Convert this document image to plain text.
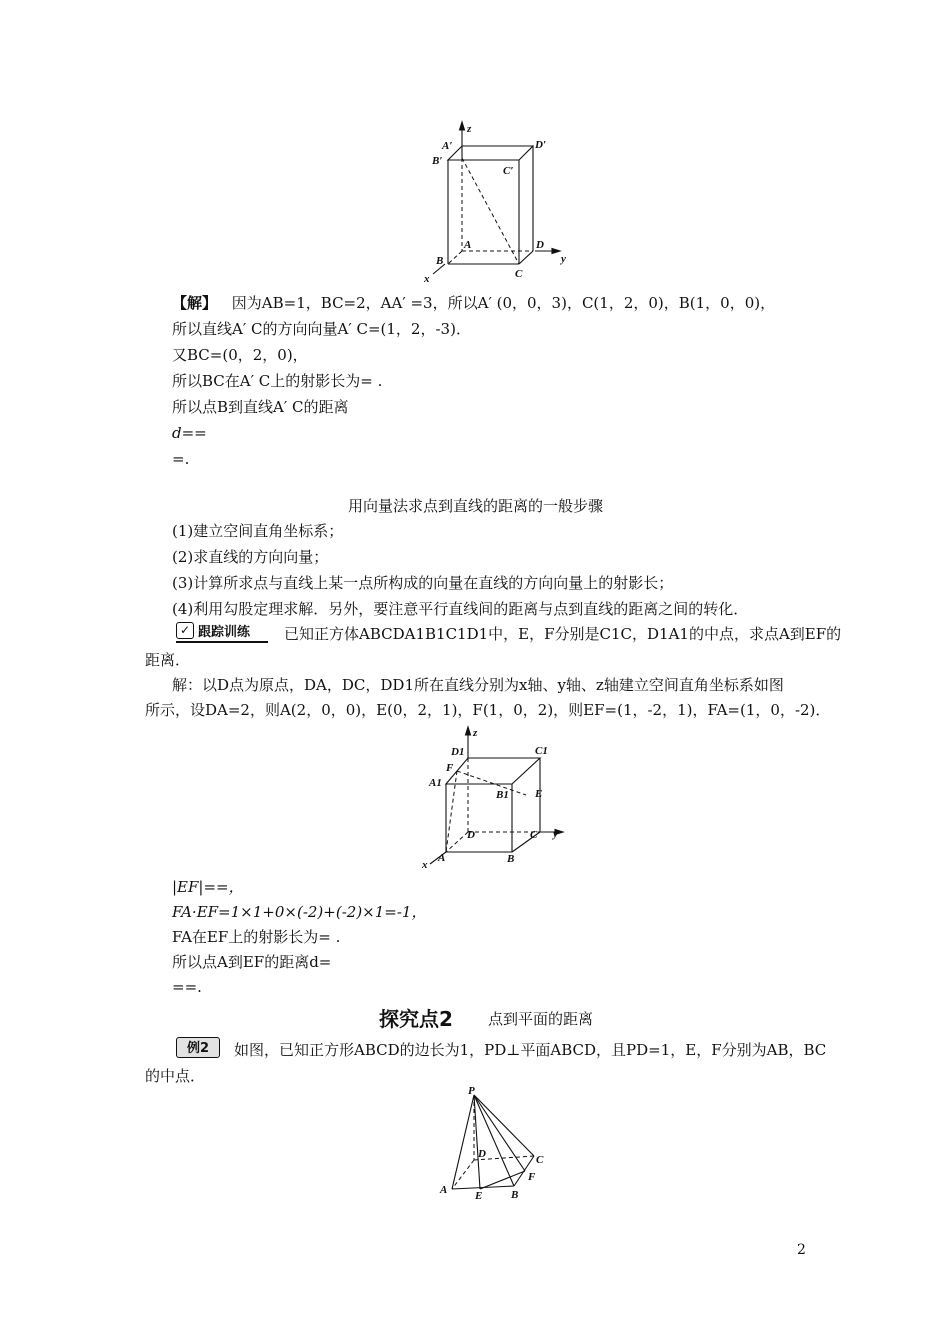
z
A′	D′
B′
C′
A	D
B
C
y
x
【解】 因为AB=1，BC=2，AA′ =3，所以A′ (0，0，3)，C(1，2，0)，B(1，0，0)，
所以直线A′ C的方向向量A′ C=(1，2，-3)．
又BC=(0，2，0)，
所以BC在A′ C上的射影长为= .
所以点B到直线A′ C的距离
d==
=.
用向量法求点到直线的距离的一般步骤
(1)建立空间直角坐标系；
(2)求直线的方向向量；
(3)计算所求点与直线上某一点所构成的向量在直线的方向向量上的射影长；
(4)利用勾股定理求解．另外，要注意平行直线间的距离与点到直线的距离之间的转化．
✓ 跟踪训练 已知正方体ABCDA1B1C1D1中，E，F分别是C1C，D1A1的中点，求点A到EF的
距离．
解：以D点为原点，DA，DC，DD1所在直线分别为x轴、y轴、z轴建立空间直角坐标系如图
所示，设DA=2，则A(2，0，0)，E(0，2，1)，F(1，0，2)，则EF=(1，-2，1)，FA=(1，0，-2)．
z
D1	C1
F
A1
B1 E
D	C y
A	B
x
|EF|==，
FA·EF=1×1+0×(-2)+(-2)×1=-1，
FA在EF上的射影长为= .
所以点A到EF的距离d=
==.
探究点2 点到平面的距离
例2	如图，已知正方形ABCD的边长为1，PD⊥平面ABCD，且PD=1，E，F分别为AB，BC
的中点．
P
D	C
F
A	E	B
2
